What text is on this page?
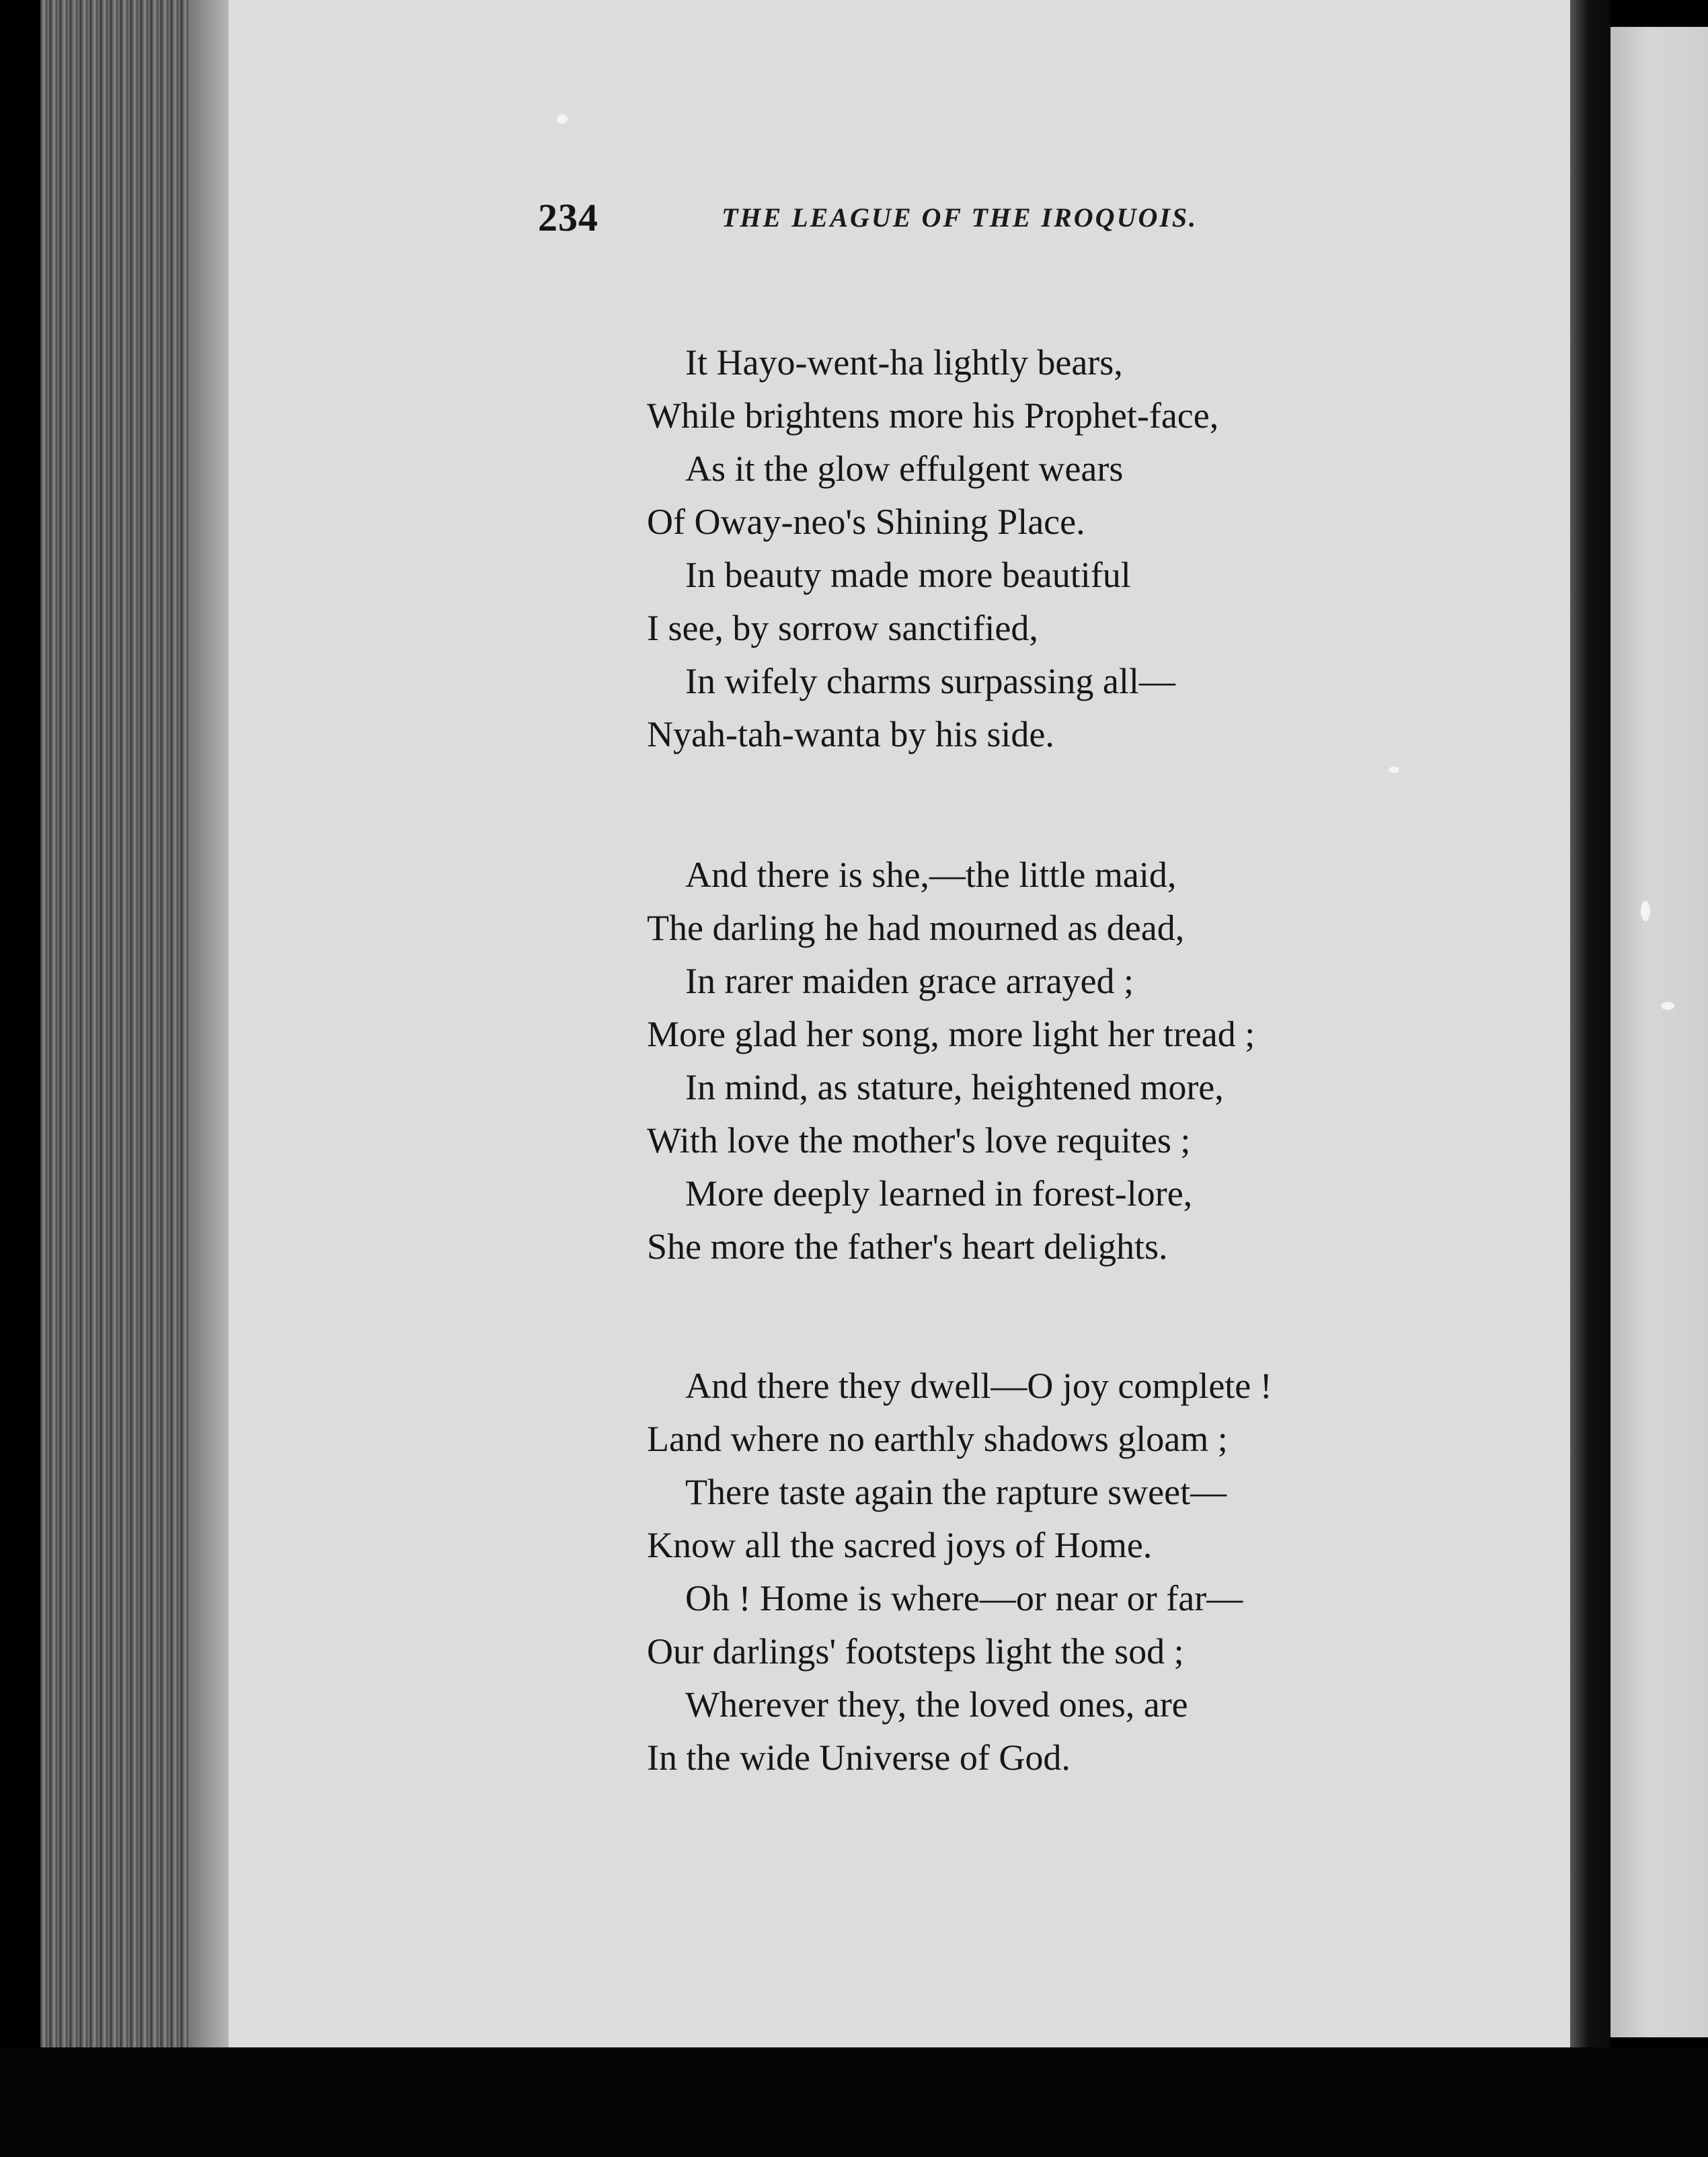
234	THE LEAGUE OF THE IROQUOIS.
It Hayo-went-ha lightly bears,
While brightens more his Prophet-face,
As it the glow effulgent wears
Of Oway-neo's Shining Place.
In beauty made more beautiful
I see, by sorrow sanctified,
In wifely charms surpassing all—
Nyah-tah-wanta by his side.
And there is she,—the little maid,
The darling he had mourned as dead,
In rarer maiden grace arrayed ;
More glad her song, more light her tread ;
In mind, as stature, heightened more,
With love the mother's love requites ;
More deeply learned in forest-lore,
She more the father's heart delights.
And there they dwell—O joy complete !
Land where no earthly shadows gloam ;
There taste again the rapture sweet—
Know all the sacred joys of Home.
Oh ! Home is where—or near or far—
Our darlings' footsteps light the sod ;
Wherever they, the loved ones, are
In the wide Universe of God.
